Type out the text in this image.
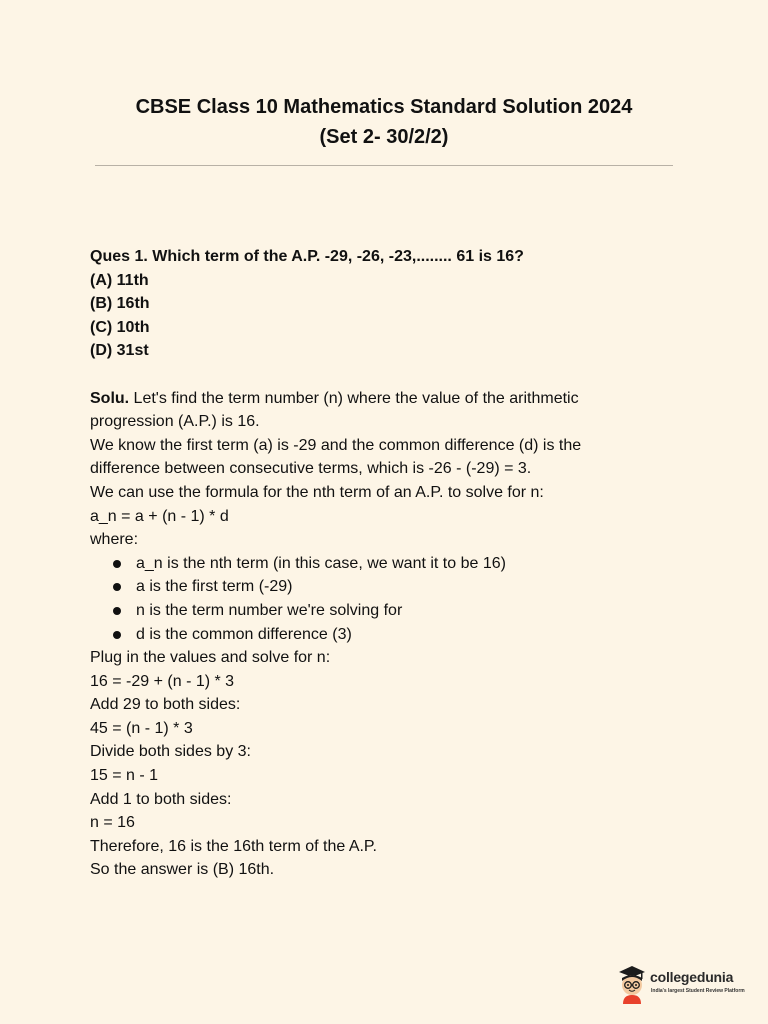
CBSE Class 10 Mathematics Standard Solution 2024
(Set 2- 30/2/2)
Ques 1. Which term of the A.P. -29, -26, -23,........ 61 is 16?
(A) 11th
(B) 16th
(C) 10th
(D) 31st
Solu. Let's find the term number (n) where the value of the arithmetic
progression (A.P.) is 16.
We know the first term (a) is -29 and the common difference (d) is the
difference between consecutive terms, which is -26 - (-29) = 3.
We can use the formula for the nth term of an A.P. to solve for n:
a_n = a + (n - 1) * d
where:
a_n is the nth term (in this case, we want it to be 16)
a is the first term (-29)
n is the term number we're solving for
d is the common difference (3)
Plug in the values and solve for n:
16 = -29 + (n - 1) * 3
Add 29 to both sides:
45 = (n - 1) * 3
Divide both sides by 3:
15 = n - 1
Add 1 to both sides:
n = 16
Therefore, 16 is the 16th term of the A.P.
So the answer is (B) 16th.
collegedunia
India's largest Student Review Platform
